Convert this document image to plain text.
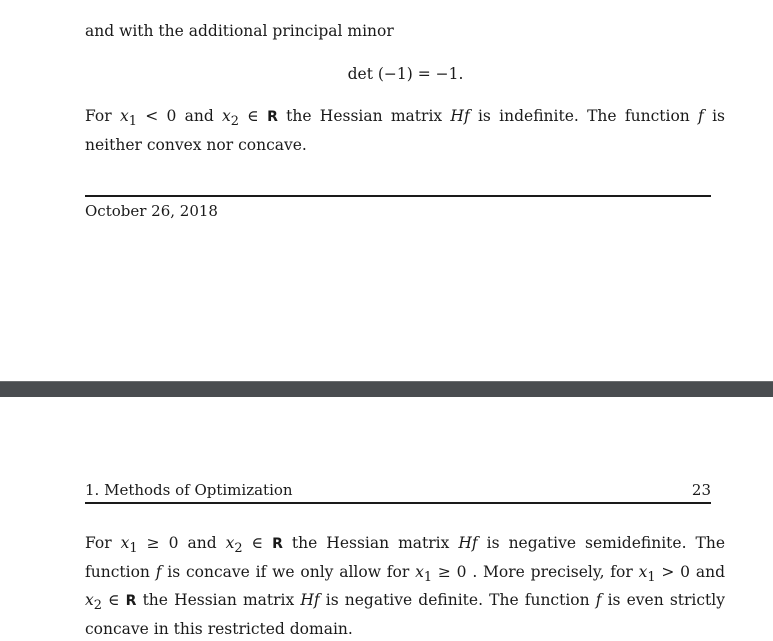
and with the additional principal minor

det (−1) = −1.

For $x_1 < 0$ and $x_2$ ∈ R the Hessian matrix Hf is indefinite. The function f is neither convex nor concave.

October 26, 2018

1. Methods of Optimization	23

For $x_1 \ge 0$ and $x_2$ ∈ R the Hessian matrix Hf is negative semidefinite. The function f is concave if we only allow for $x_1 \ge 0$ . More precisely, for $x_1 > 0$ and $x_2$ ∈ R the Hessian matrix Hf is negative definite. The function f is even strictly concave in this restricted domain.
